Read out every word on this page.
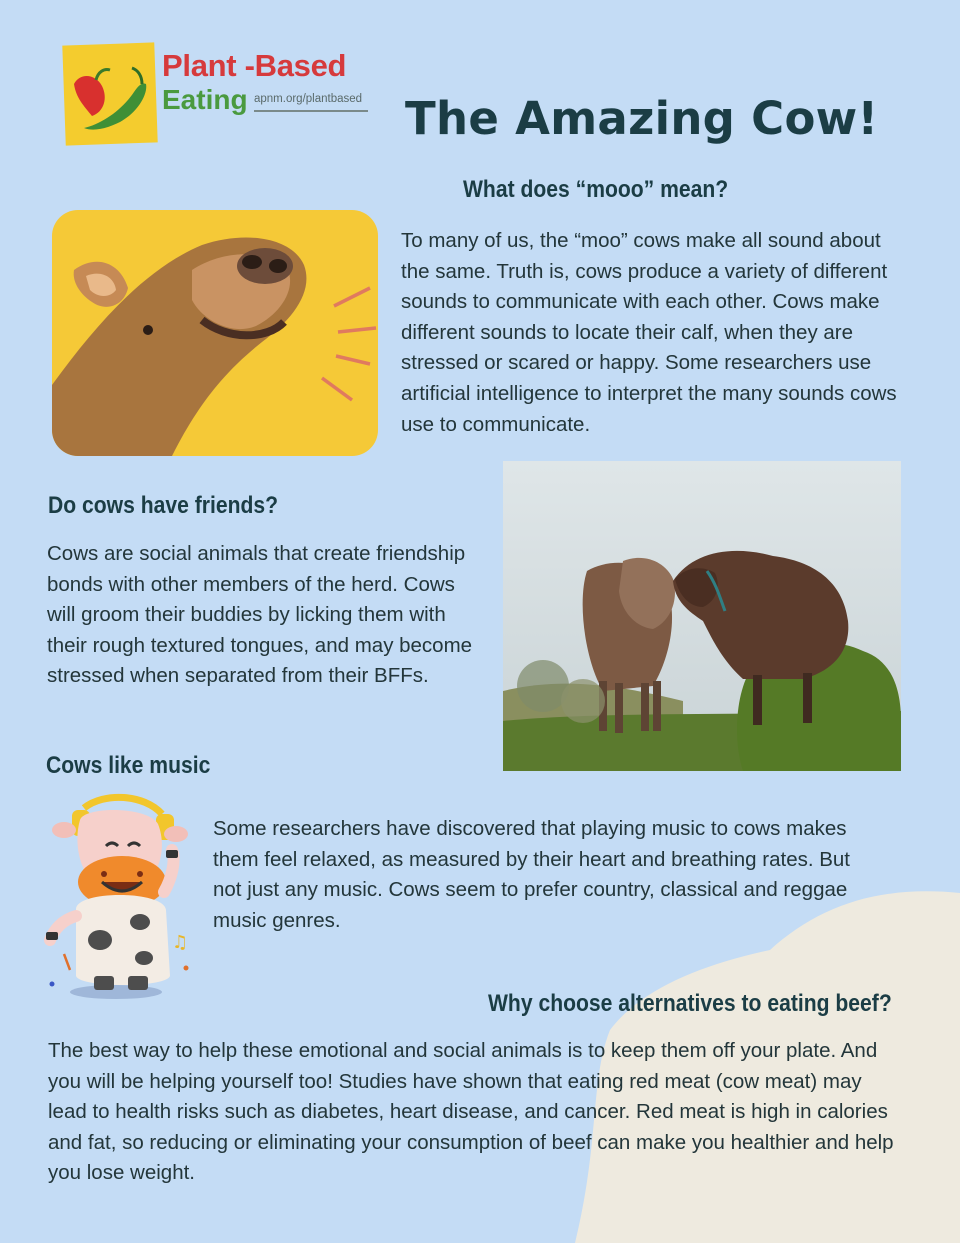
Plant -Based
Eating apnm.org/plantbased The Amazing Cow!
What does “mooo” mean?

To many of us, the “moo” cows make all sound about the same. Truth is, cows produce a variety of different sounds to communicate with each other. Cows make different sounds to locate their calf, when they are stressed or scared or happy. Some researchers use artificial intelligence to interpret the many sounds cows use to communicate.

Do cows have friends?

Cows are social animals that create friendship bonds with other members of the herd. Cows will groom their buddies by licking them with their rough textured tongues, and may become stressed when separated from their BFFs.

Cows like music
♫

Some researchers have discovered that playing music to cows makes them feel relaxed, as measured by their heart and breathing rates. But not just any music. Cows seem to prefer country, classical and reggae music genres.

Why choose alternatives to eating beef?

The best way to help these emotional and social animals is to keep them off your plate. And you will be helping yourself too! Studies have shown that eating red meat (cow meat) may lead to health risks such as diabetes, heart disease, and cancer. Red meat is high in calories and fat, so reducing or eliminating your consumption of beef can make you healthier and help you lose weight.
